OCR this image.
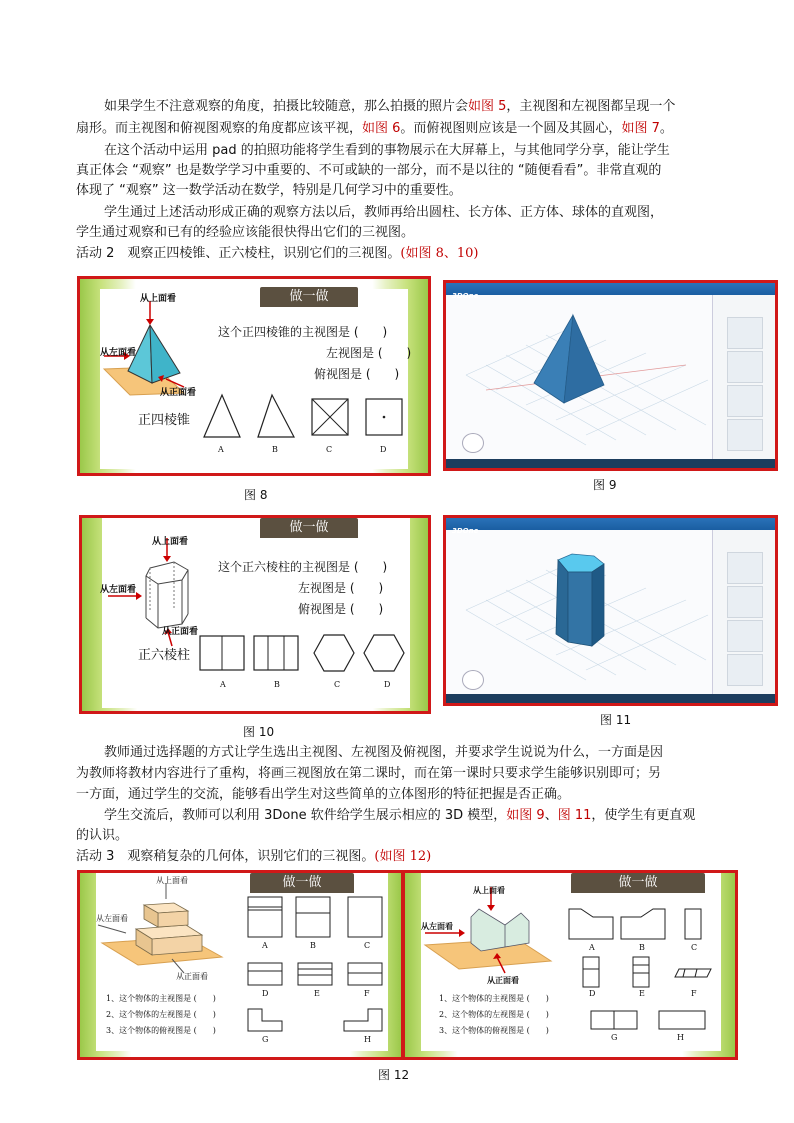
如果学生不注意观察的角度，拍摄比较随意，那么拍摄的照片会如图 5，主视图和左视图都呈现一个
扇形。而主视图和俯视图观察的角度都应该平视，如图 6。而俯视图则应该是一个圆及其圆心，如图 7。
在这个活动中运用 pad 的拍照功能将学生看到的事物展示在大屏幕上，与其他同学分享，能让学生
真正体会 “观察” 也是数学学习中重要的、不可或缺的一部分，而不是以往的 “随便看看”。非常直观的
体现了 “观察” 这一数学活动在数学，特别是几何学习中的重要性。
学生通过上述活动形成正确的观察方法以后，教师再给出圆柱、长方体、正方体、球体的直观图，
学生通过观察和已有的经验应该能很快得出它们的三视图。
活动 2　观察正四棱锥、正六棱柱，识别它们的三视图。(如图 8、10)
做一做
从上面看
从左面看
从正面看
这个正四棱锥的主视图是 (　　)
左视图是 (　　)
俯视图是 (　　)
正四棱锥
A	B	C	D
图 8
3DOne
图 9
做一做
从上面看
从左面看
从正面看
这个正六棱柱的主视图是 (　　)
左视图是 (　　)
俯视图是 (　　)
正六棱柱
A	B	C	D
图 10
3DOne
图 11
教师通过选择题的方式让学生选出主视图、左视图及俯视图，并要求学生说说为什么，一方面是因
为教师将教材内容进行了重构，将画三视图放在第二课时，而在第一课时只要求学生能够识别即可；另
一方面，通过学生的交流，能够看出学生对这些简单的立体图形的特征把握是否正确。
学生交流后，教师可以利用 3Done 软件给学生展示相应的 3D 模型，如图 9、图 11，使学生有更直观
的认识。
活动 3　观察稍复杂的几何体，识别它们的三视图。(如图 12)
做一做
从上面看
从左面看
从正面看
1、这个物体的主视图是 (　　)
2、这个物体的左视图是 (　　)
3、这个物体的俯视图是 (　　)
A	B	C
D	E	F
G	H
做一做
从上面看
从左面看
从正面看
1、这个物体的主视图是 (　　)
2、这个物体的左视图是 (　　)
3、这个物体的俯视图是 (　　)
A	B	C
D	E	F
G	H
图 12
